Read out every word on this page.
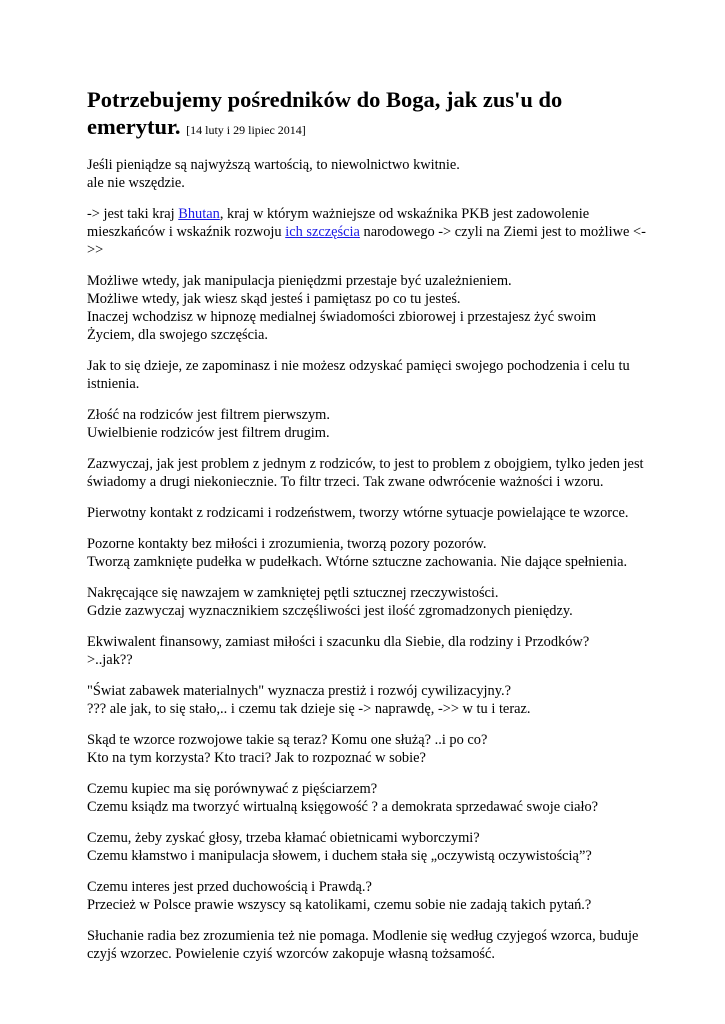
Potrzebujemy pośredników do Boga, jak zus'u do emerytur. [14 luty i 29 lipiec 2014]

Jeśli pieniądze są najwyższą wartością, to niewolnictwo kwitnie.
ale nie wszędzie.

-> jest taki kraj Bhutan, kraj w którym ważniejsze od wskaźnika PKB jest zadowolenie mieszkańców i wskaźnik rozwoju ich szczęścia narodowego -> czyli na Ziemi jest to możliwe <->>

Możliwe wtedy, jak manipulacja pieniędzmi przestaje być uzależnieniem.
Możliwe wtedy, jak wiesz skąd jesteś i pamiętasz po co tu jesteś.
Inaczej wchodzisz w hipnozę medialnej świadomości zbiorowej i przestajesz żyć swoim Życiem, dla swojego szczęścia.

Jak to się dzieje, ze zapominasz i nie możesz odzyskać pamięci swojego pochodzenia i celu tu istnienia.

Złość na rodziców jest filtrem pierwszym.
Uwielbienie rodziców jest filtrem drugim.

Zazwyczaj, jak jest problem z jednym z rodziców, to jest to problem z obojgiem, tylko jeden jest świadomy a drugi niekoniecznie. To filtr trzeci. Tak zwane odwrócenie ważności i wzoru.

Pierwotny kontakt z rodzicami i rodzeństwem, tworzy wtórne sytuacje powielające te wzorce.

Pozorne kontakty bez miłości i zrozumienia, tworzą pozory pozorów.
Tworzą zamknięte pudełka w pudełkach. Wtórne sztuczne zachowania. Nie dające spełnienia.

Nakręcające się nawzajem w zamkniętej pętli sztucznej rzeczywistości.
Gdzie zazwyczaj wyznacznikiem szczęśliwości jest ilość zgromadzonych pieniędzy.

Ekwiwalent finansowy, zamiast miłości i szacunku dla Siebie, dla rodziny i Przodków?
>..jak??

"Świat zabawek materialnych" wyznacza prestiż i rozwój cywilizacyjny.?
??? ale jak, to się stało,.. i czemu tak dzieje się -> naprawdę, ->> w tu i teraz.

Skąd te wzorce rozwojowe takie są teraz? Komu one służą? ..i po co?
Kto na tym korzysta? Kto traci? Jak to rozpoznać w sobie?

Czemu kupiec ma się porównywać z pięściarzem?
Czemu ksiądz ma tworzyć wirtualną księgowość ? a demokrata sprzedawać swoje ciało?

Czemu, żeby zyskać głosy, trzeba kłamać obietnicami wyborczymi?
Czemu kłamstwo i manipulacja słowem, i duchem stała się „oczywistą oczywistością”?

Czemu interes jest przed duchowością i Prawdą.?
Przecież w Polsce prawie wszyscy są katolikami, czemu sobie nie zadają takich pytań.?

Słuchanie radia bez zrozumienia też nie pomaga. Modlenie się według czyjegoś wzorca, buduje czyjś wzorzec. Powielenie czyiś wzorców zakopuje własną tożsamość.
